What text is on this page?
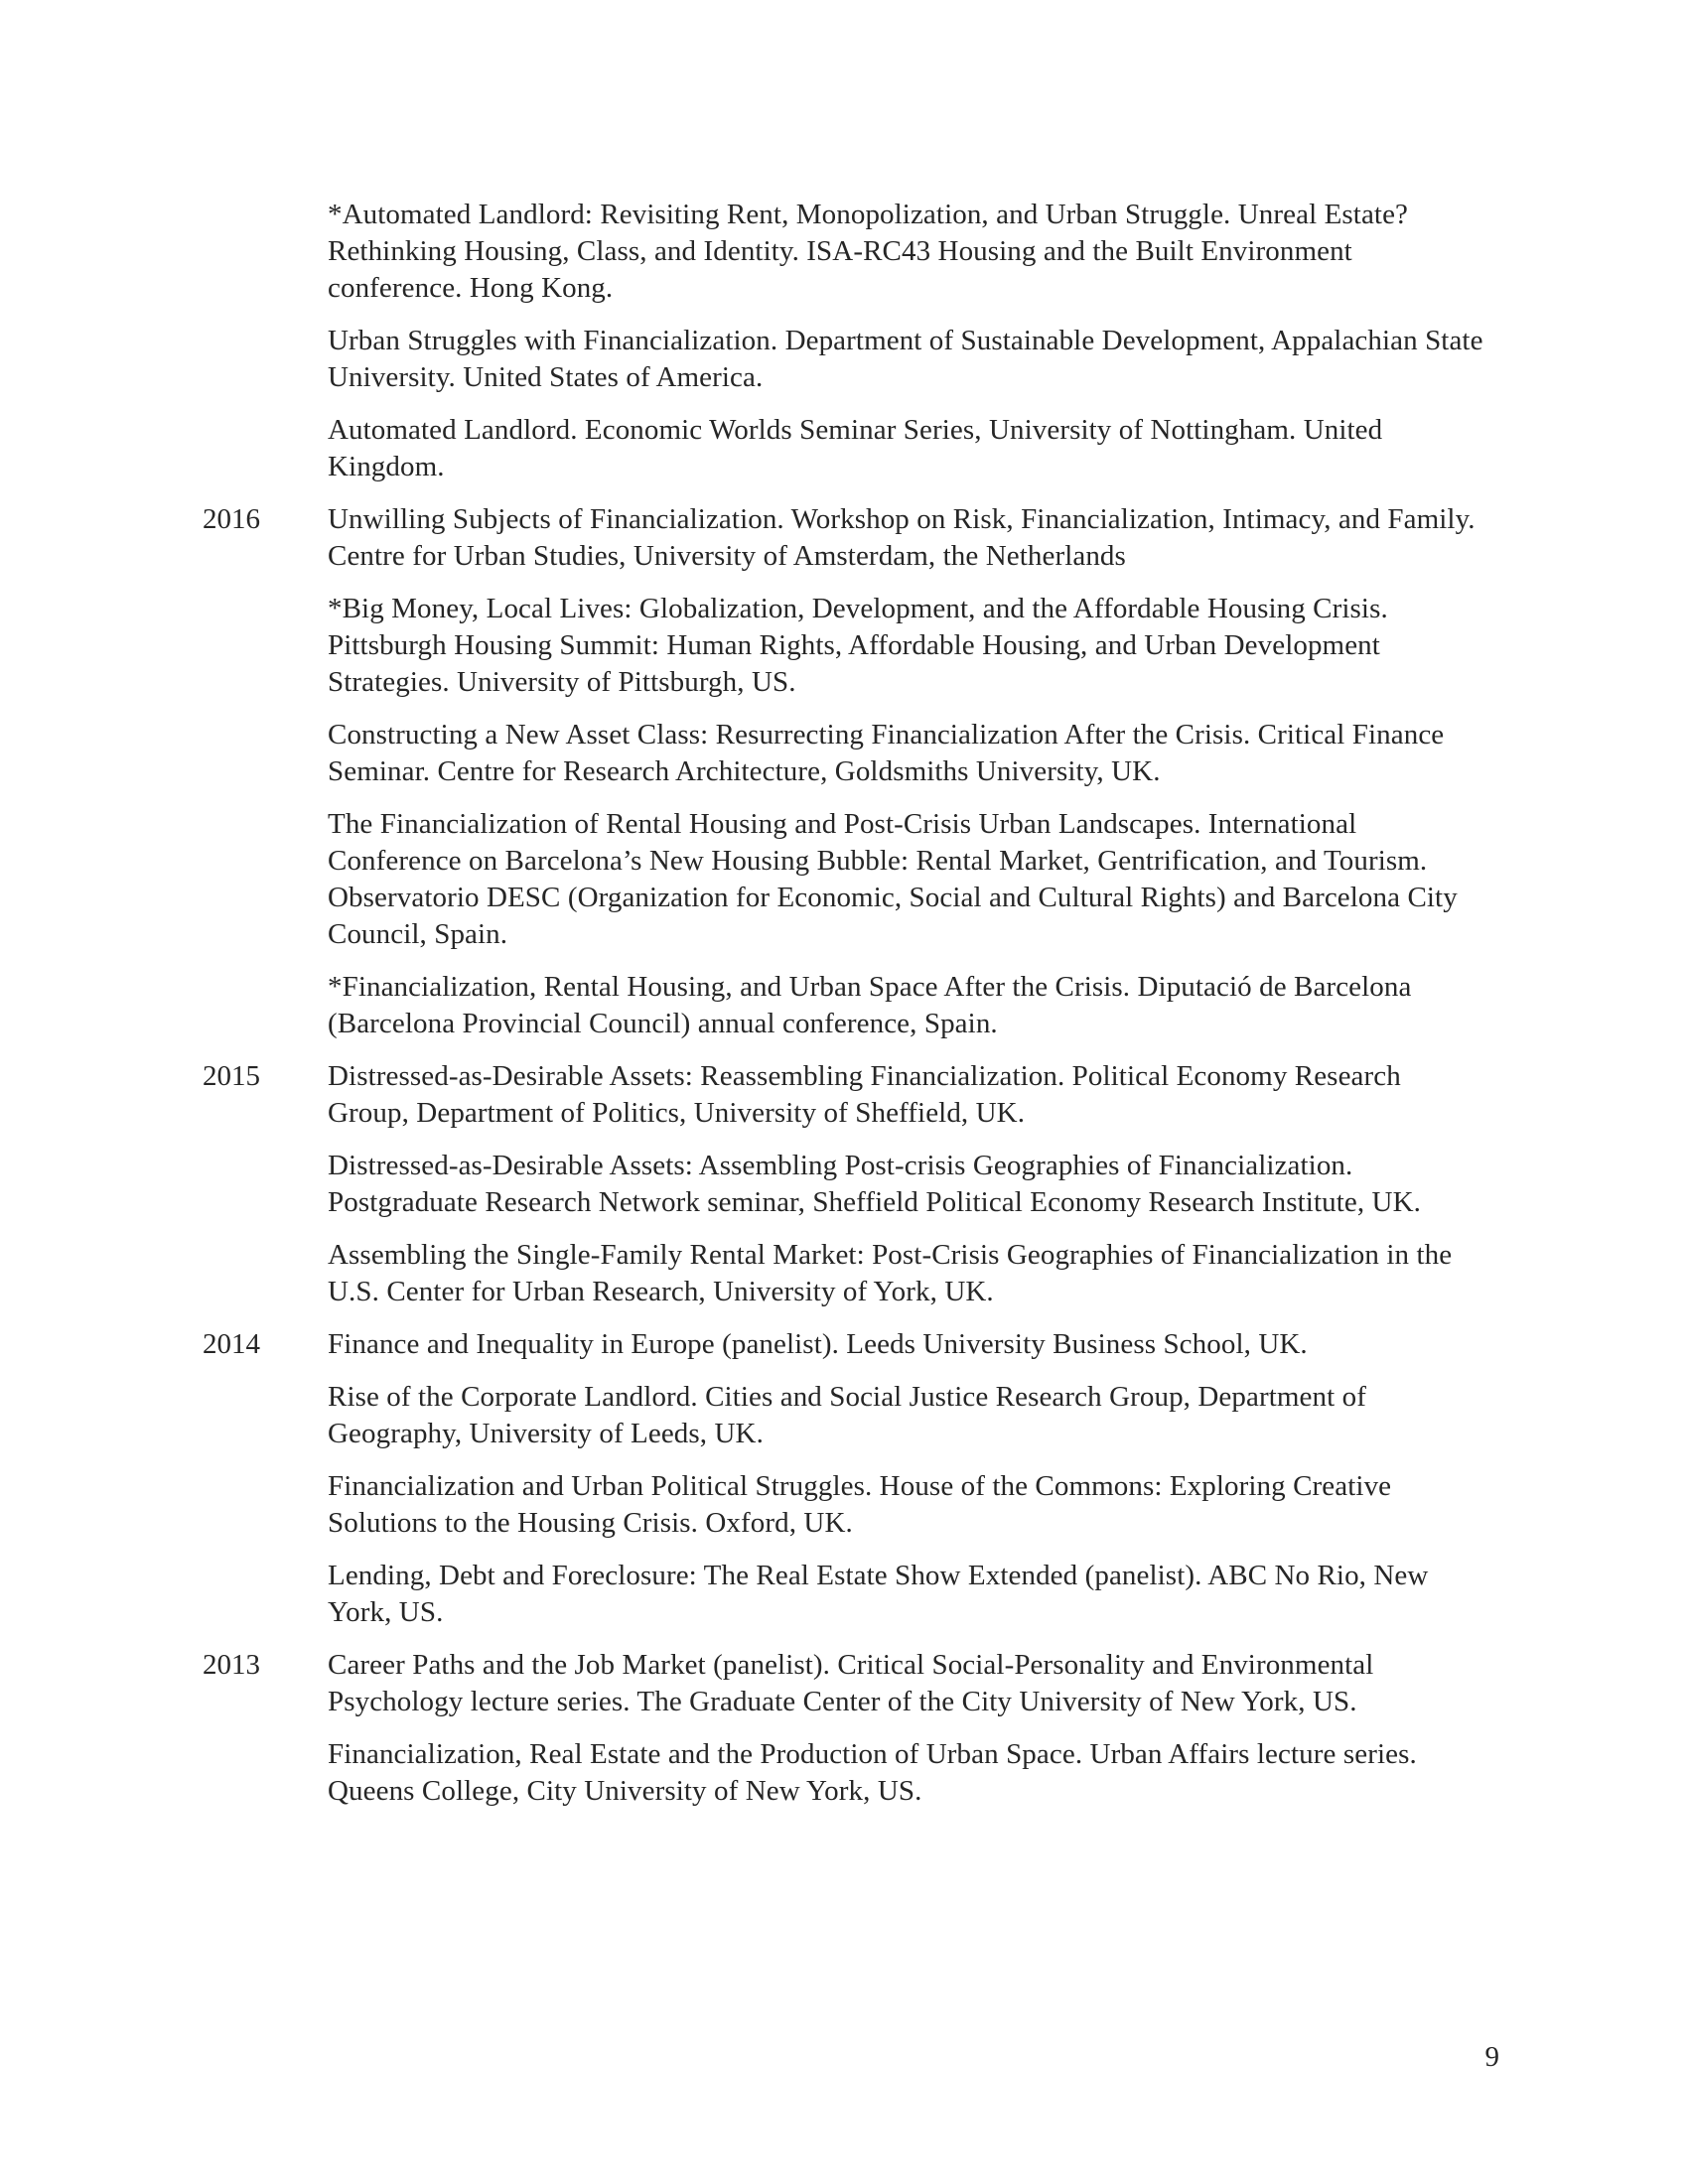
*Automated Landlord: Revisiting Rent, Monopolization, and Urban Struggle. Unreal Estate? Rethinking Housing, Class, and Identity. ISA-RC43 Housing and the Built Environment conference. Hong Kong.

Urban Struggles with Financialization. Department of Sustainable Development, Appalachian State University. United States of America.

Automated Landlord. Economic Worlds Seminar Series, University of Nottingham. United Kingdom.

2016	Unwilling Subjects of Financialization. Workshop on Risk, Financialization, Intimacy, and Family. Centre for Urban Studies, University of Amsterdam, the Netherlands

*Big Money, Local Lives: Globalization, Development, and the Affordable Housing Crisis. Pittsburgh Housing Summit: Human Rights, Affordable Housing, and Urban Development Strategies. University of Pittsburgh, US.

Constructing a New Asset Class: Resurrecting Financialization After the Crisis. Critical Finance Seminar. Centre for Research Architecture, Goldsmiths University, UK.

The Financialization of Rental Housing and Post-Crisis Urban Landscapes. International Conference on Barcelona’s New Housing Bubble: Rental Market, Gentrification, and Tourism. Observatorio DESC (Organization for Economic, Social and Cultural Rights) and Barcelona City Council, Spain.

*Financialization, Rental Housing, and Urban Space After the Crisis. Diputació de Barcelona (Barcelona Provincial Council) annual conference, Spain.

2015	Distressed-as-Desirable Assets: Reassembling Financialization. Political Economy Research Group, Department of Politics, University of Sheffield, UK.

Distressed-as-Desirable Assets: Assembling Post-crisis Geographies of Financialization. Postgraduate Research Network seminar, Sheffield Political Economy Research Institute, UK.

Assembling the Single-Family Rental Market: Post-Crisis Geographies of Financialization in the U.S. Center for Urban Research, University of York, UK.

2014	Finance and Inequality in Europe (panelist). Leeds University Business School, UK.

Rise of the Corporate Landlord. Cities and Social Justice Research Group, Department of Geography, University of Leeds, UK.

Financialization and Urban Political Struggles. House of the Commons: Exploring Creative Solutions to the Housing Crisis. Oxford, UK.

Lending, Debt and Foreclosure: The Real Estate Show Extended (panelist). ABC No Rio, New York, US.

2013	Career Paths and the Job Market (panelist). Critical Social-Personality and Environmental Psychology lecture series. The Graduate Center of the City University of New York, US.

Financialization, Real Estate and the Production of Urban Space. Urban Affairs lecture series. Queens College, City University of New York, US.

9
